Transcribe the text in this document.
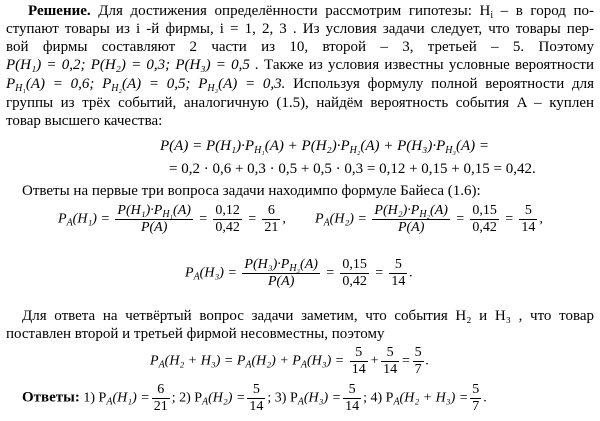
Решение. Для достижения определённости рассмотрим гипотезы: $H_i$ – в город по-
ступают товары из i -й фирмы, i = 1, 2, 3 . Из условия задачи следует, что товары пер-
вой фирмы составляют 2 части из 10, второй – 3, третьей – 5. Поэтому
P(H₁) = 0,2; P(H₂) = 0,3; P(H₃) = 0,5 . Также из условия известны условные вероятности
$P_{H_1}(A) = 0,6$; $P_{H_2}(A) = 0,5$; $P_{H_3}(A) = 0,3$. Используя формулу полной вероятности для
группы из трёх событий, аналогичную (1.5), найдём вероятность события A – куплен
товар высшего качества:
$P(A) = P(H_1)\cdot P_{H_1}(A) + P(H_2)\cdot P_{H_2}(A) + P(H_3)\cdot P_{H_3}(A)$ =
= 0,2 · 0,6 + 0,3 · 0,5 + 0,5 · 0,3 = 0,12 + 0,15 + 0,15 = 0,42.
Ответы на первые три вопроса задачи находимпо формуле Байеса (1.6):
$P_A(H_1) = \frac{P(H_1)\cdot P_{H_1}(A)}{P(A)} = \frac{0,12}{0,42} = \frac{6}{21}$ , $P_A(H_2) = \frac{P(H_2)\cdot P_{H_2}(A)}{P(A)} = \frac{0,15}{0,42} = \frac{5}{14}$ ,
$P_A(H_3) = \frac{P(H_3)\cdot P_{H_3}(A)}{P(A)} = \frac{0,15}{0,42} = \frac{5}{14}$ .
Для ответа на четвёртый вопрос задачи заметим, что события H₂ и H₃ , что товар
поставлен второй и третьей фирмой несовместны, поэтому
$P_A(H_2 + H_3) = P_A(H_2) + P_A(H_3) = \frac{5}{14} + \frac{5}{14} = \frac{5}{7}$ .
Ответы: 1) $P_A(H_1) = \frac{6}{21}$ ; 2) $P_A(H_2) = \frac{5}{14}$ ; 3) $P_A(H_3) = \frac{5}{14}$ ; 4) $P_A(H_2 + H_3) = \frac{5}{7}$ .
